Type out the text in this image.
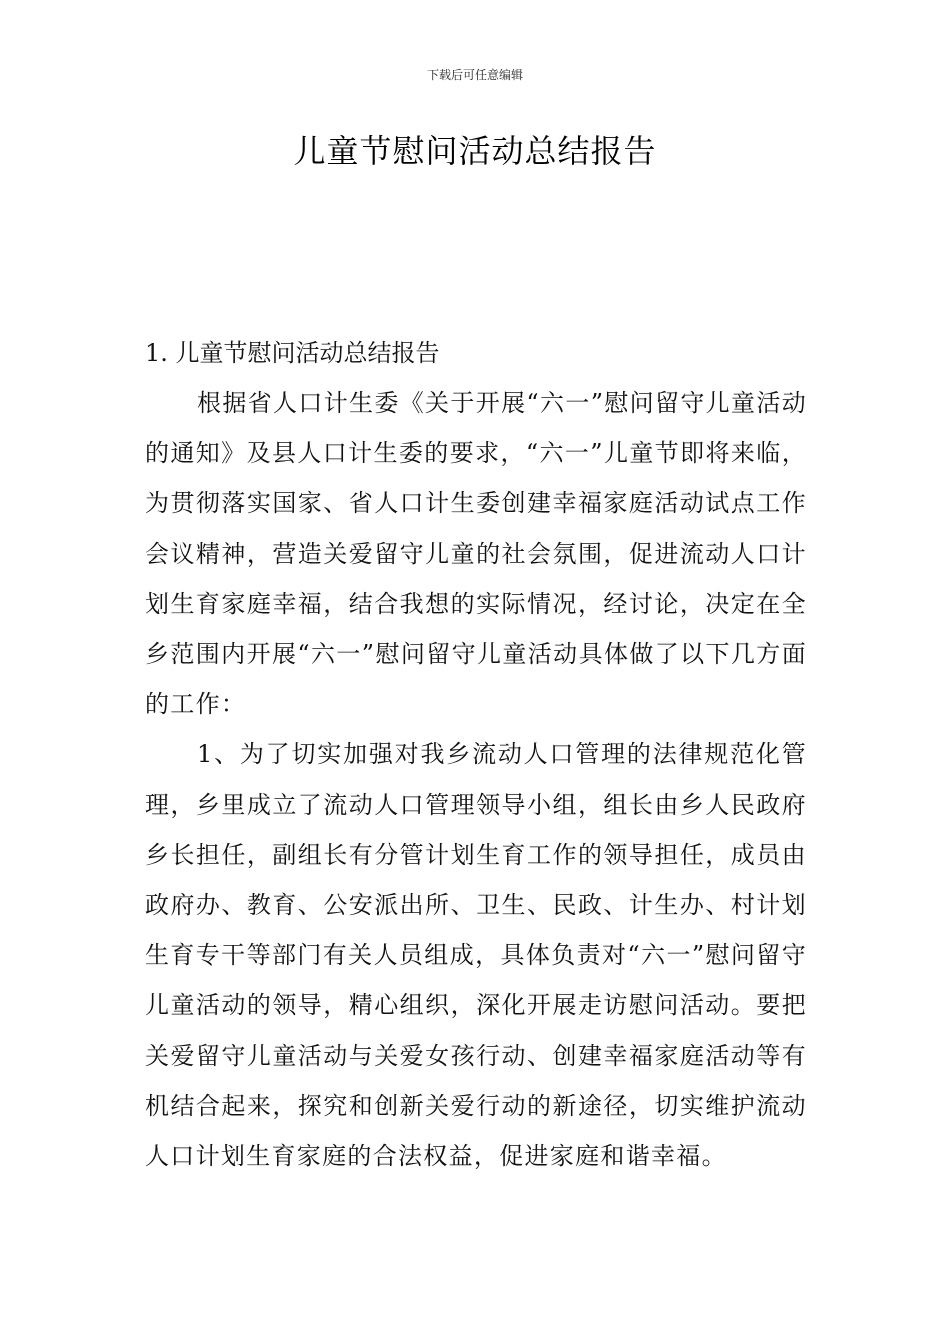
下载后可任意编辑
儿童节慰问活动总结报告

1. 儿童节慰问活动总结报告

根据省人口计生委《关于开展“六一”慰问留守儿童活动的通知》及县人口计生委的要求，“六一”儿童节即将来临，为贯彻落实国家、省人口计生委创建幸福家庭活动试点工作会议精神，营造关爱留守儿童的社会氛围，促进流动人口计划生育家庭幸福，结合我想的实际情况，经讨论，决定在全乡范围内开展“六一”慰问留守儿童活动具体做了以下几方面的工作：

1、为了切实加强对我乡流动人口管理的法律规范化管理，乡里成立了流动人口管理领导小组，组长由乡人民政府乡长担任，副组长有分管计划生育工作的领导担任，成员由政府办、教育、公安派出所、卫生、民政、计生办、村计划生育专干等部门有关人员组成，具体负责对“六一”慰问留守儿童活动的领导，精心组织，深化开展走访慰问活动。要把关爱留守儿童活动与关爱女孩行动、创建幸福家庭活动等有机结合起来，探究和创新关爱行动的新途径，切实维护流动人口计划生育家庭的合法权益，促进家庭和谐幸福。
